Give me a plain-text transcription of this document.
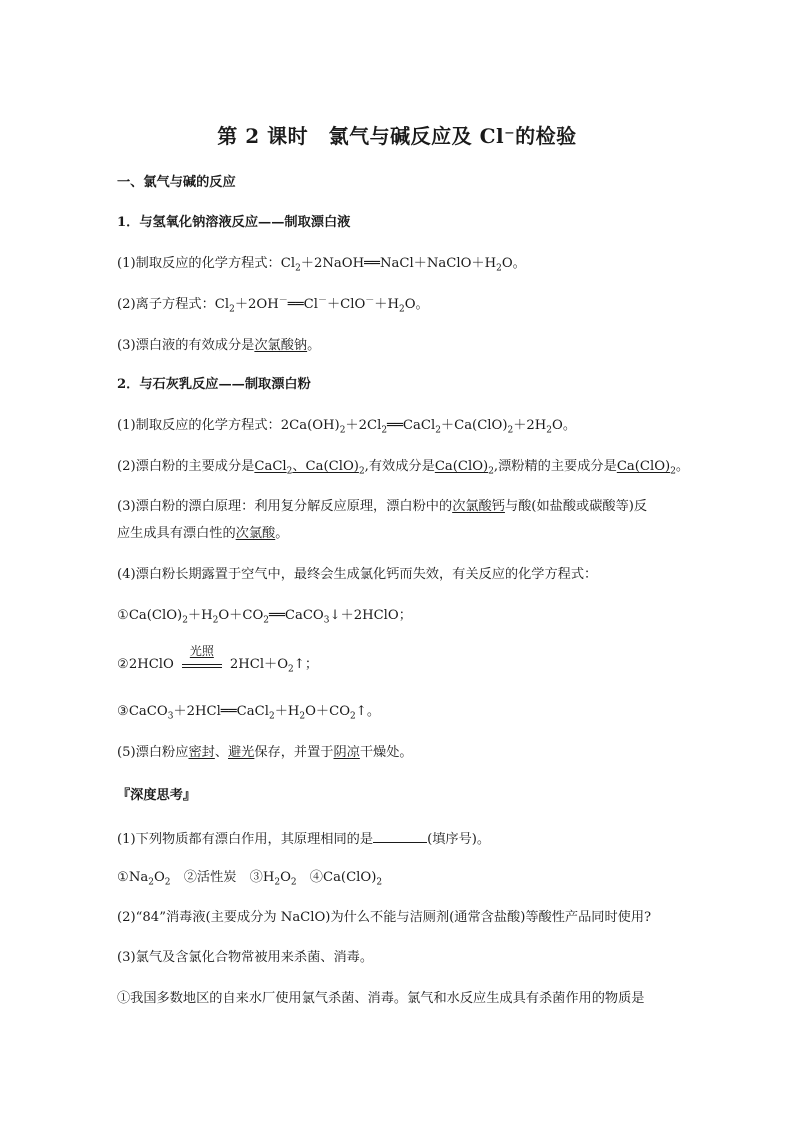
第 2 课时　氯气与碱反应及 Cl⁻的检验
一、氯气与碱的反应
1．与氢氧化钠溶液反应——制取漂白液
(1)制取反应的化学方程式：$Cl_2+2NaOH══NaCl+NaClO+H_2O$。
(2)离子方程式：$Cl_2+2OH^-══Cl^-+ClO^-+H_2O$。
(3)漂白液的有效成分是次氯酸钠。
2．与石灰乳反应——制取漂白粉
(1)制取反应的化学方程式：$2Ca(OH)_2+2Cl_2══CaCl_2+Ca(ClO)_2+2H_2O$。
(2)漂白粉的主要成分是CaCl$_2$、$Ca(ClO)_2$,有效成分是$Ca(ClO)_2$,漂粉精的主要成分是$Ca(ClO)_2$。
(3)漂白粉的漂白原理：利用复分解反应原理，漂白粉中的次氯酸钙与酸(如盐酸或碳酸等)反
应生成具有漂白性的次氯酸。
(4)漂白粉长期露置于空气中，最终会生成氯化钙而失效，有关反应的化学方程式：
$①Ca(ClO)_2+H_2O+CO_2══CaCO_3↓+2HClO$；
②2HClO
光照
$2HCl+O_2↑$；
$③CaCO_3+2HCl══CaCl_2+H_2O+CO_2↑$。
(5)漂白粉应密封、避光保存，并置于阴凉干燥处。
『深度思考』
(1)下列物质都有漂白作用，其原理相同的是	(填序号)。
$①Na_2O_2$　②活性炭　$③H_2O_2$　$④Ca(ClO)_2$
(2)“84”消毒液(主要成分为 NaClO)为什么不能与洁厕剂(通常含盐酸)等酸性产品同时使用?
(3)氯气及含氯化合物常被用来杀菌、消毒。
①我国多数地区的自来水厂使用氯气杀菌、消毒。氯气和水反应生成具有杀菌作用的物质是
